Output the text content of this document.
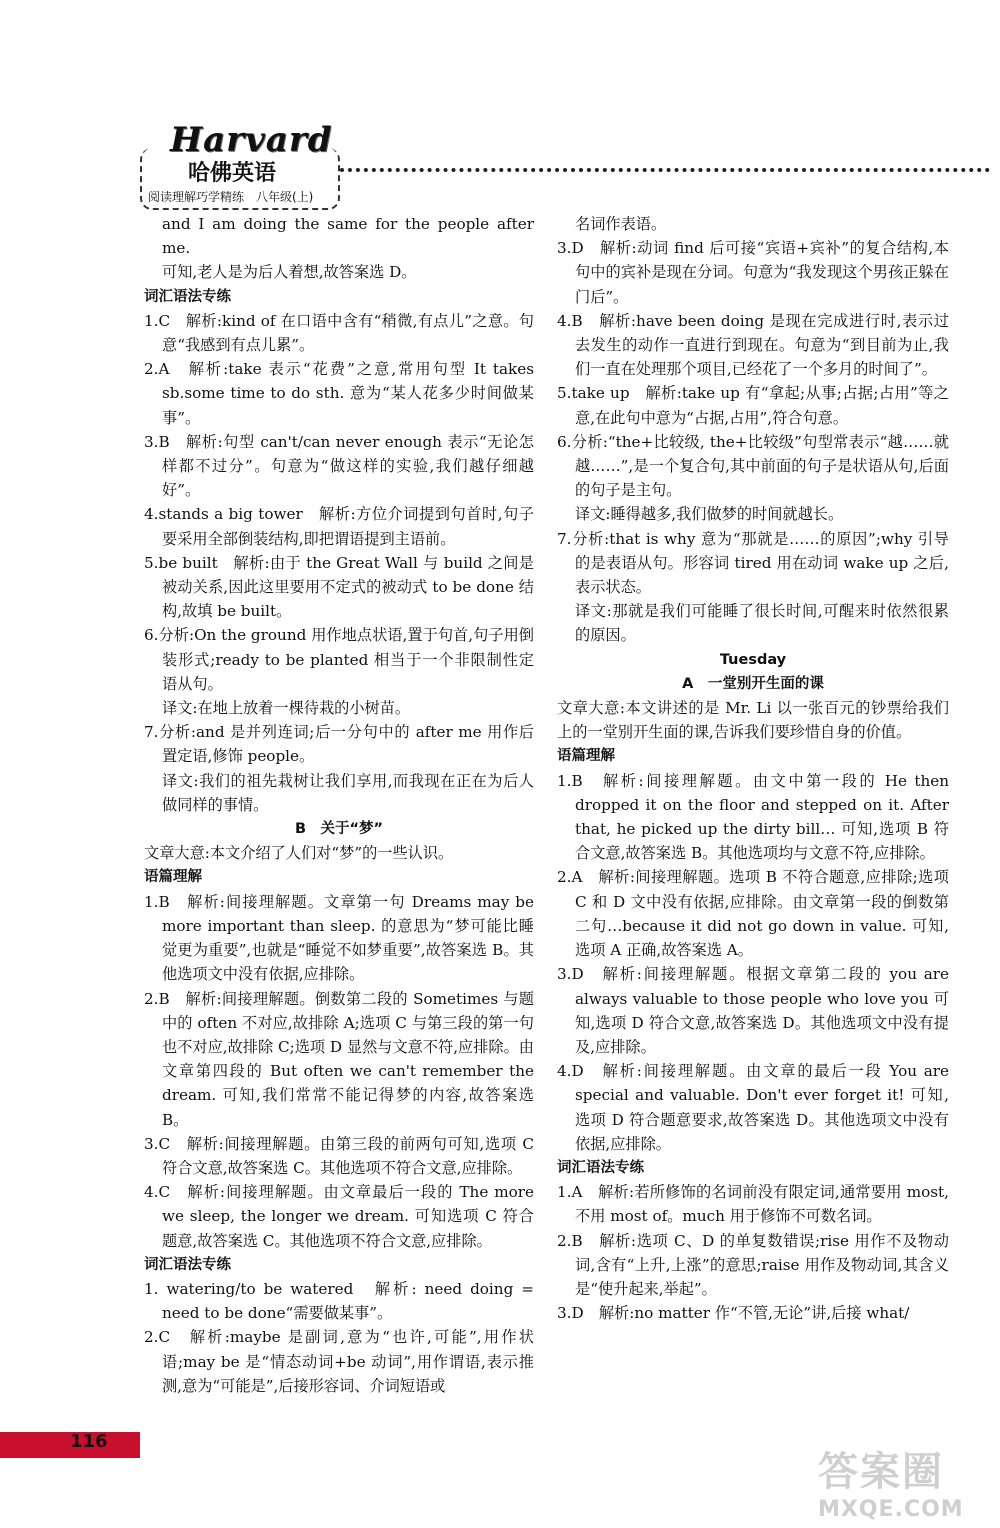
Harvard
哈佛英语
阅读理解巧学精练　八年级(上)

and I am doing the same for the people after me.

可知,老人是为后人着想,故答案选 D。

词汇语法专练

1.C　解析:kind of 在口语中含有“稍微,有点儿”之意。句意“我感到有点儿累”。

2.A　解析:take 表示“花费”之意,常用句型 It takes sb.some time to do sth. 意为“某人花多少时间做某事”。

3.B　解析:句型 can't/can never enough 表示“无论怎样都不过分”。句意为“做这样的实验,我们越仔细越好”。

4.stands a big tower　解析:方位介词提到句首时,句子要采用全部倒装结构,即把谓语提到主语前。

5.be built　解析:由于 the Great Wall 与 build 之间是被动关系,因此这里要用不定式的被动式 to be done 结构,故填 be built。

6.分析:On the ground 用作地点状语,置于句首,句子用倒装形式;ready to be planted 相当于一个非限制性定语从句。

译文:在地上放着一棵待栽的小树苗。

7.分析:and 是并列连词;后一分句中的 after me 用作后置定语,修饰 people。

译文:我们的祖先栽树让我们享用,而我现在正在为后人做同样的事情。

B　关于“梦”

文章大意:本文介绍了人们对“梦”的一些认识。

语篇理解

1.B　解析:间接理解题。文章第一句 Dreams may be more important than sleep. 的意思为“梦可能比睡觉更为重要”,也就是“睡觉不如梦重要”,故答案选 B。其他选项文中没有依据,应排除。

2.B　解析:间接理解题。倒数第二段的 Sometimes 与题中的 often 不对应,故排除 A;选项 C 与第三段的第一句也不对应,故排除 C;选项 D 显然与文意不符,应排除。由文章第四段的 But often we can't remember the dream. 可知,我们常常不能记得梦的内容,故答案选 B。

3.C　解析:间接理解题。由第三段的前两句可知,选项 C 符合文意,故答案选 C。其他选项不符合文意,应排除。

4.C　解析:间接理解题。由文章最后一段的 The more we sleep, the longer we dream. 可知选项 C 符合题意,故答案选 C。其他选项不符合文意,应排除。

词汇语法专练

1. watering/to be watered　解析: need doing = need to be done“需要做某事”。

2.C　解析:maybe 是副词,意为“也许,可能”,用作状语;may be 是“情态动词+be 动词”,用作谓语,表示推测,意为“可能是”,后接形容词、介词短语或

名词作表语。

3.D　解析:动词 find 后可接“宾语+宾补”的复合结构,本句中的宾补是现在分词。句意为“我发现这个男孩正躲在门后”。

4.B　解析:have been doing 是现在完成进行时,表示过去发生的动作一直进行到现在。句意为“到目前为止,我们一直在处理那个项目,已经花了一个多月的时间了”。

5.take up　解析:take up 有“拿起;从事;占据;占用”等之意,在此句中意为“占据,占用”,符合句意。

6.分析:“the+比较级, the+比较级”句型常表示“越……就越……”,是一个复合句,其中前面的句子是状语从句,后面的句子是主句。

译文:睡得越多,我们做梦的时间就越长。

7.分析:that is why 意为“那就是……的原因”;why 引导的是表语从句。形容词 tired 用在动词 wake up 之后,表示状态。

译文:那就是我们可能睡了很长时间,可醒来时依然很累的原因。

Tuesday

A　一堂别开生面的课

文章大意:本文讲述的是 Mr. Li 以一张百元的钞票给我们上的一堂别开生面的课,告诉我们要珍惜自身的价值。

语篇理解

1.B　解析:间接理解题。由文中第一段的 He then dropped it on the floor and stepped on it. After that, he picked up the dirty bill… 可知,选项 B 符合文意,故答案选 B。其他选项均与文意不符,应排除。

2.A　解析:间接理解题。选项 B 不符合题意,应排除;选项 C 和 D 文中没有依据,应排除。由文章第一段的倒数第二句…because it did not go down in value. 可知,选项 A 正确,故答案选 A。

3.D　解析:间接理解题。根据文章第二段的 you are always valuable to those people who love you 可知,选项 D 符合文意,故答案选 D。其他选项文中没有提及,应排除。

4.D　解析:间接理解题。由文章的最后一段 You are special and valuable. Don't ever forget it! 可知,选项 D 符合题意要求,故答案选 D。其他选项文中没有依据,应排除。

词汇语法专练

1.A　解析:若所修饰的名词前没有限定词,通常要用 most,不用 most of。much 用于修饰不可数名词。

2.B　解析:选项 C、D 的单复数错误;rise 用作不及物动词,含有“上升,上涨”的意思;raise 用作及物动词,其含义是“使升起来,举起”。

3.D　解析:no matter 作“不管,无论”讲,后接 what/

116
答案圈
MXQE.COM
